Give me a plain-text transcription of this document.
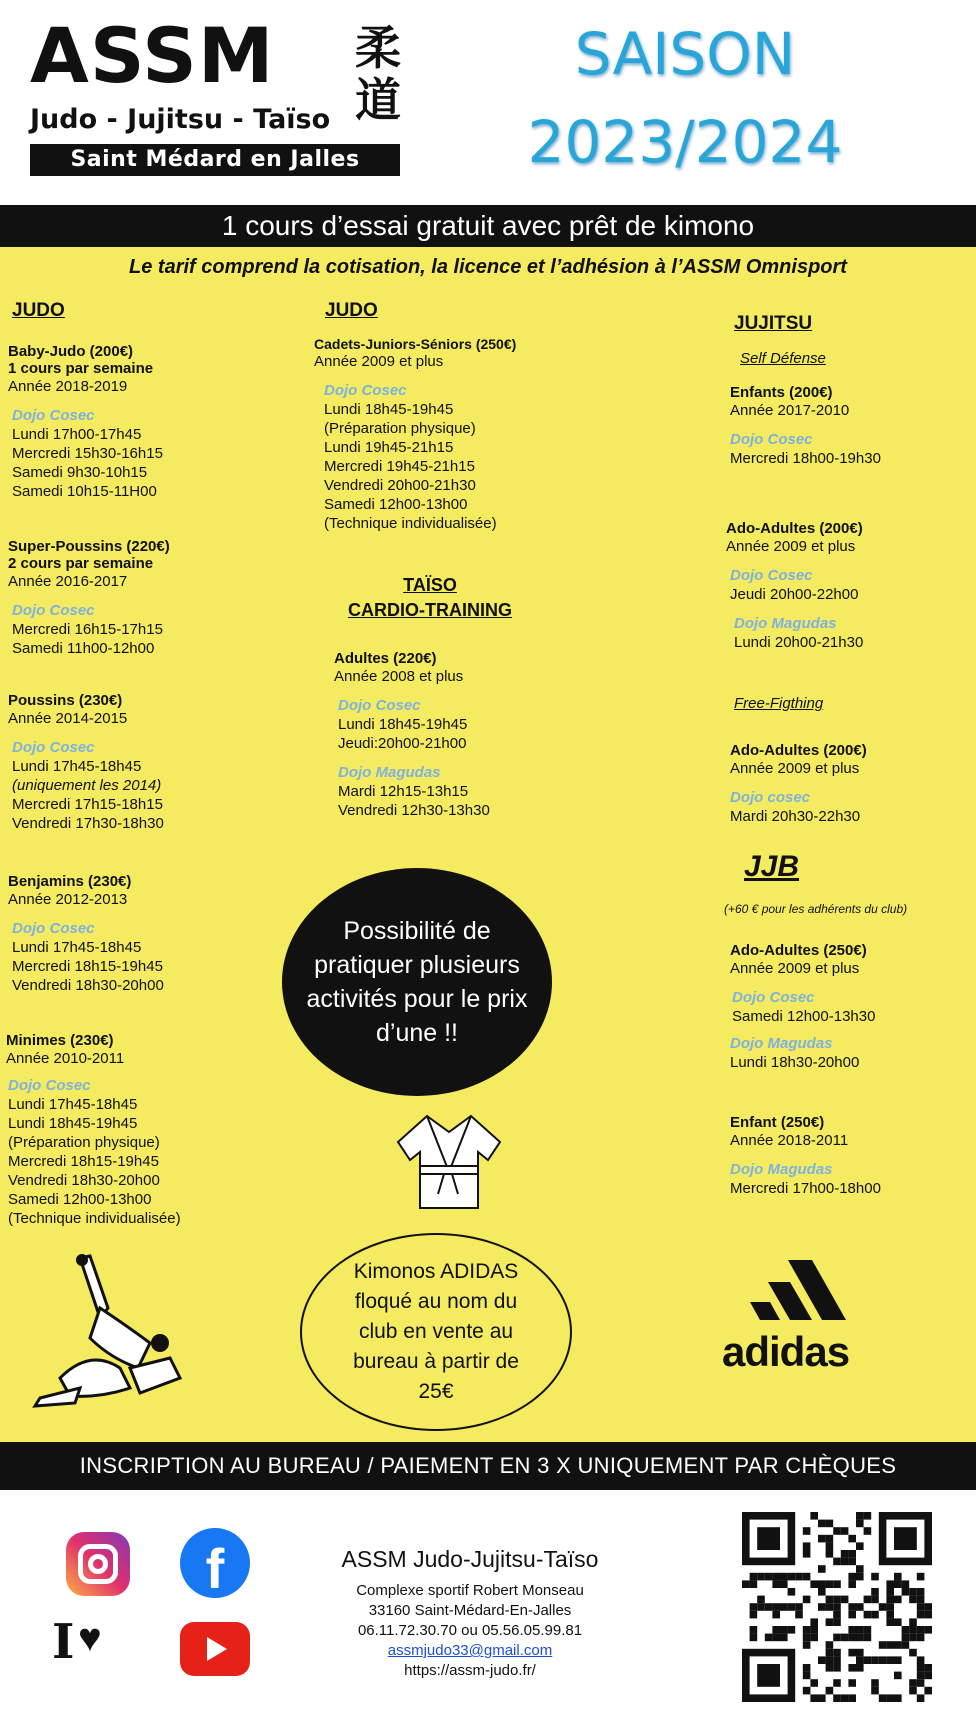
ASSM 柔道
Judo - Jujitsu - Taïso
Saint Médard en Jalles
SAISON
2023/2024
1 cours d’essai gratuit avec prêt de kimono
Le tarif comprend la cotisation, la licence et l’adhésion à l’ASSM Omnisport
JUDO
Baby-Judo (200€)
1 cours par semaine
Année 2018-2019
Dojo Cosec
Lundi 17h00-17h45
Mercredi 15h30-16h15
Samedi 9h30-10h15
Samedi 10h15-11H00
Super-Poussins (220€)
2 cours par semaine
Année 2016-2017
Dojo Cosec
Mercredi 16h15-17h15
Samedi 11h00-12h00
Poussins (230€)
Année 2014-2015
Dojo Cosec
Lundi 17h45-18h45
(uniquement les 2014)
Mercredi 17h15-18h15
Vendredi 17h30-18h30
Benjamins (230€)
Année 2012-2013
Dojo Cosec
Lundi 17h45-18h45
Mercredi 18h15-19h45
Vendredi 18h30-20h00
Minimes (230€)
Année 2010-2011
Dojo Cosec
Lundi 17h45-18h45
Lundi 18h45-19h45
(Préparation physique)
Mercredi 18h15-19h45
Vendredi 18h30-20h00
Samedi 12h00-13h00
(Technique individualisée)
JUDO
Cadets-Juniors-Séniors (250€)
Année 2009 et plus
Dojo Cosec
Lundi 18h45-19h45
(Préparation physique)
Lundi 19h45-21h15
Mercredi 19h45-21h15
Vendredi 20h00-21h30
Samedi 12h00-13h00
(Technique individualisée)
TAÏSO
CARDIO-TRAINING
Adultes (220€)
Année 2008 et plus
Dojo Cosec
Lundi 18h45-19h45
Jeudi:20h00-21h00
Dojo Magudas
Mardi 12h15-13h15
Vendredi 12h30-13h30
Possibilité de pratiquer plusieurs activités pour le prix d’une !!
Kimonos ADIDAS floqué au nom du club en vente au bureau à partir de 25€
JUJITSU
Self Défense
Enfants (200€)
Année 2017-2010
Dojo Cosec
Mercredi 18h00-19h30
Ado-Adultes (200€)
Année 2009 et plus
Dojo Cosec
Jeudi 20h00-22h00
Dojo Magudas
Lundi 20h00-21h30
Free-Figthing
Ado-Adultes (200€)
Année 2009 et plus
Dojo cosec
Mardi 20h30-22h30
JJB
(+60 € pour les adhérents du club)
Ado-Adultes (250€)
Année 2009 et plus
Dojo Cosec
Samedi 12h00-13h30
Dojo Magudas
Lundi 18h30-20h00
Enfant (250€)
Année 2018-2011
Dojo Magudas
Mercredi 17h00-18h00
adidas
INSCRIPTION AU BUREAU / PAIEMENT EN 3 X UNIQUEMENT PAR CHÈQUES
f
I ♥
ASSM Judo-Jujitsu-Taïso
Complexe sportif Robert Monseau
33160 Saint-Médard-En-Jalles
06.11.72.30.70 ou 05.56.05.99.81
assmjudo33@gmail.com
https://assm-judo.fr/
